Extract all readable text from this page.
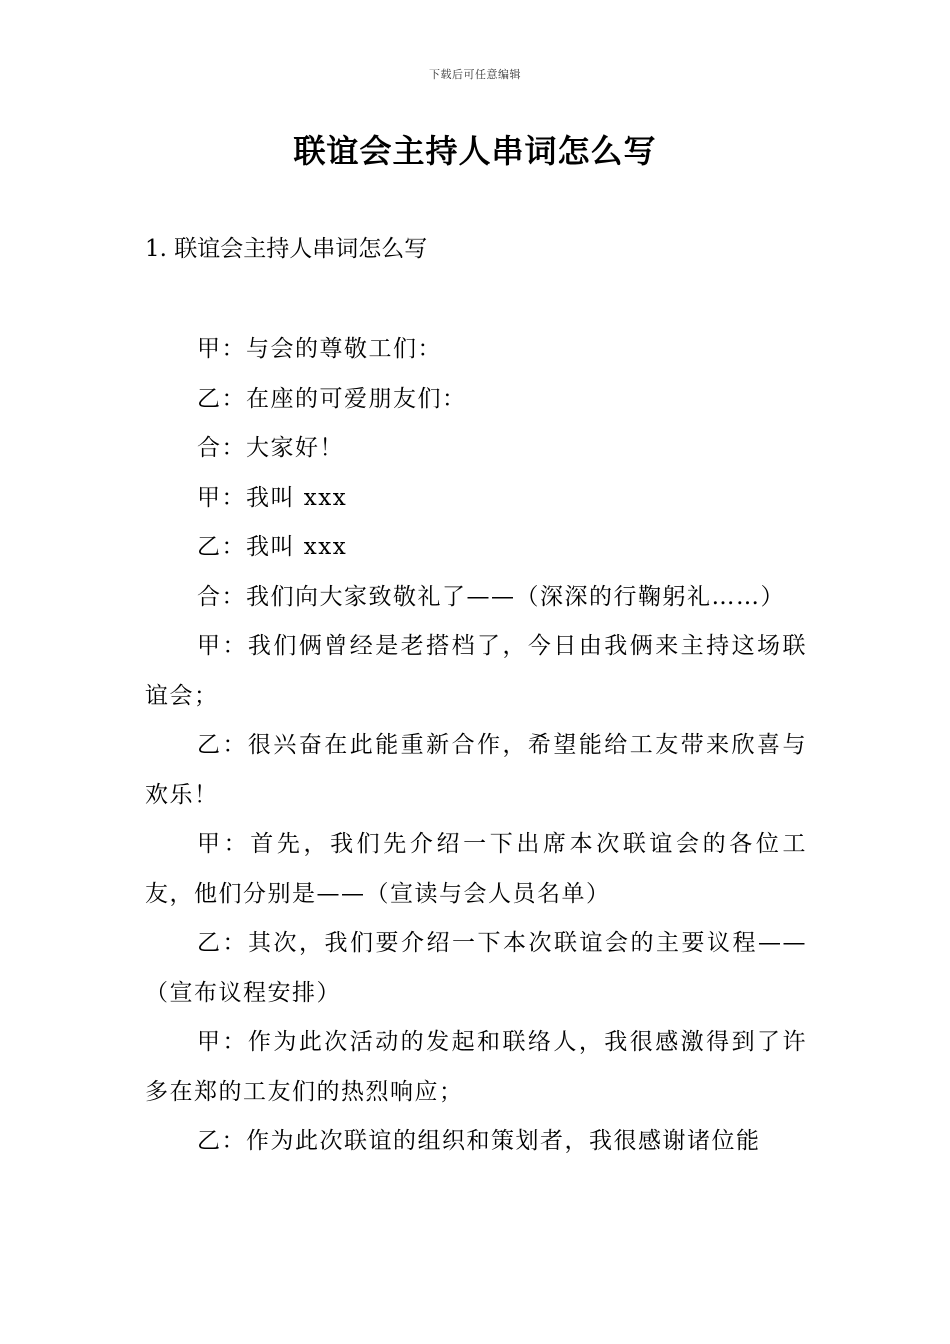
下载后可任意编辑
联谊会主持人串词怎么写
1. 联谊会主持人串词怎么写

甲：与会的尊敬工们：

乙：在座的可爱朋友们：

合：大家好！

甲：我叫 xxx

乙：我叫 xxx

合：我们向大家致敬礼了——（深深的行鞠躬礼……）

甲：我们俩曾经是老搭档了，今日由我俩来主持这场联谊会；

乙：很兴奋在此能重新合作，希望能给工友带来欣喜与欢乐！

甲：首先，我们先介绍一下出席本次联谊会的各位工友，他们分别是——（宣读与会人员名单）

乙：其次，我们要介绍一下本次联谊会的主要议程——（宣布议程安排）

甲：作为此次活动的发起和联络人，我很感激得到了许多在郑的工友们的热烈响应；

乙：作为此次联谊的组织和策划者，我很感谢诸位能
